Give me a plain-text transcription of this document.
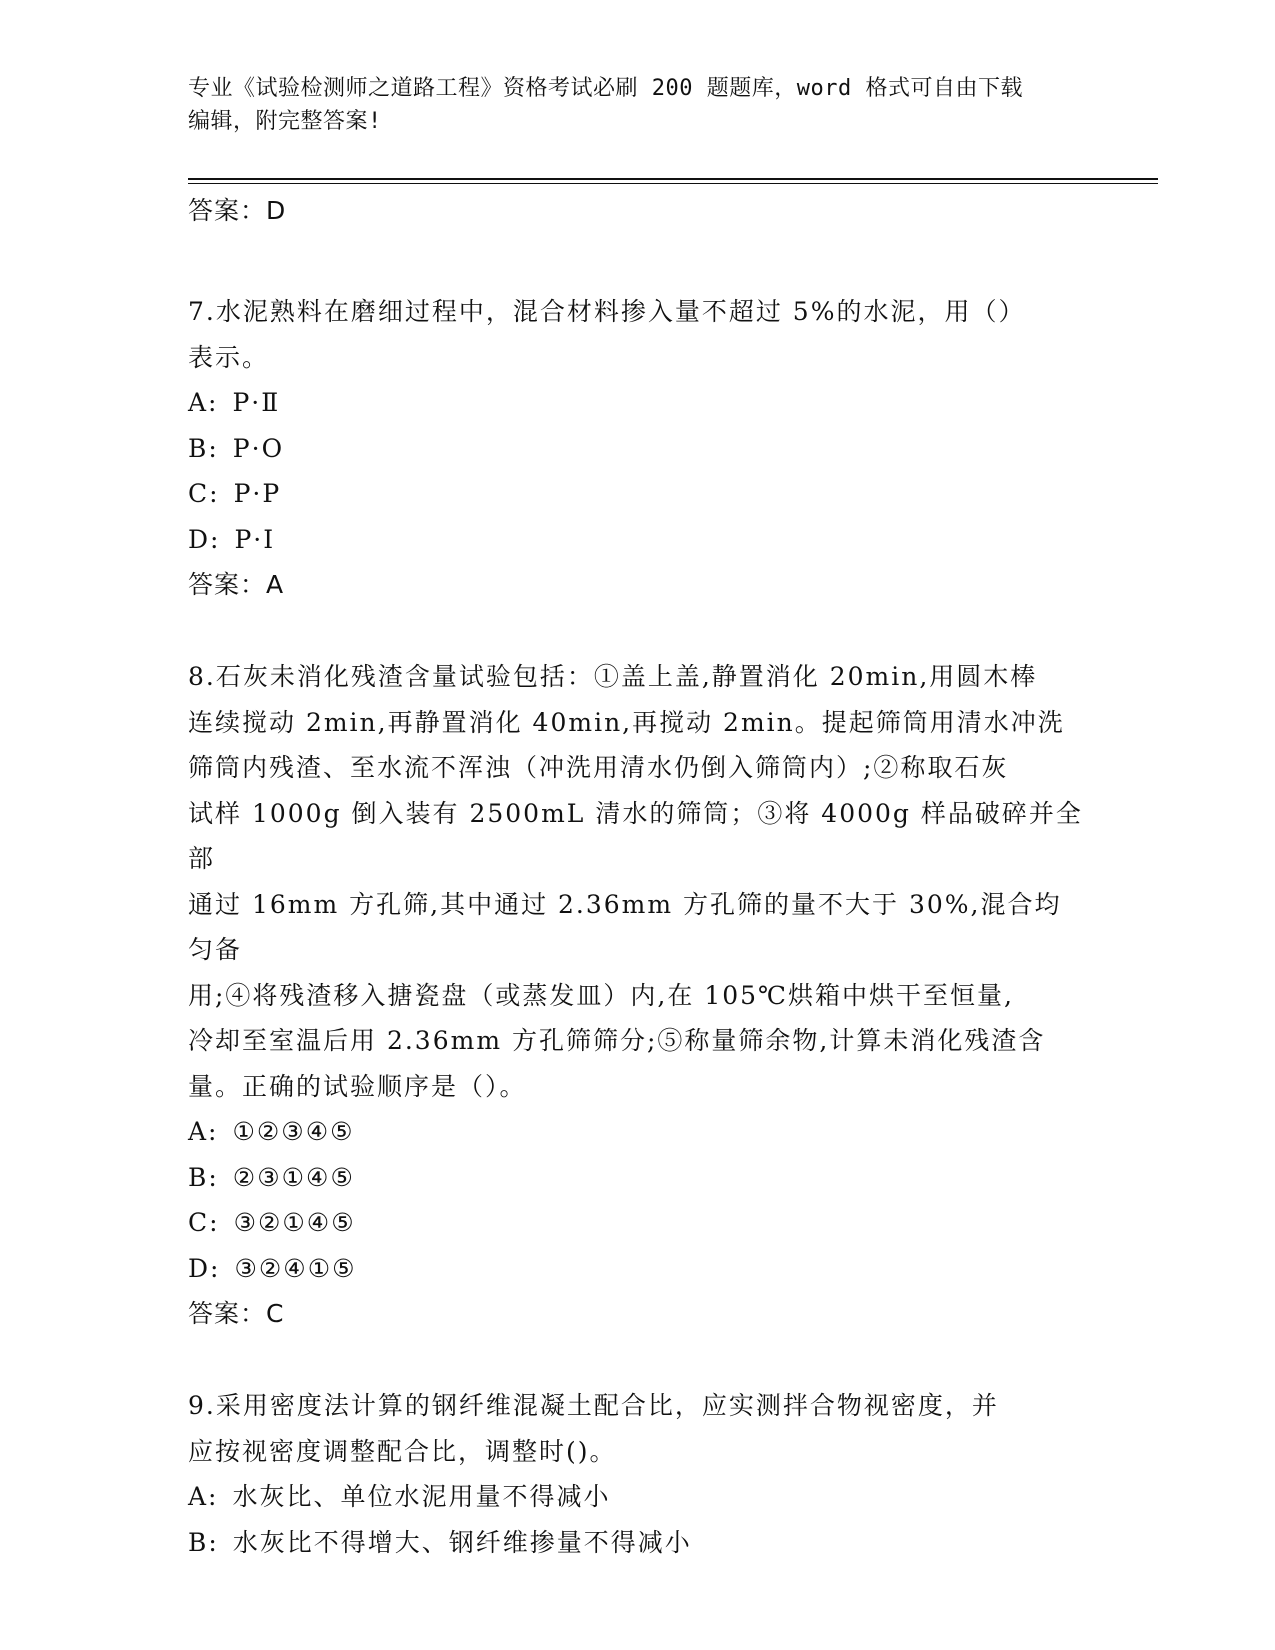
专业《试验检测师之道路工程》资格考试必刷 200 题题库，word 格式可自由下载
编辑，附完整答案!
答案：D
7.水泥熟料在磨细过程中，混合材料掺入量不超过 5%的水泥，用（）
表示。
A: P·Ⅱ
B: P·O
C: P·P
D: P·Ⅰ
答案：A
8.石灰未消化残渣含量试验包括：①盖上盖,静置消化 20min,用圆木棒
连续搅动 2min,再静置消化 40min,再搅动 2min。提起筛筒用清水冲洗
筛筒内残渣、至水流不浑浊（冲洗用清水仍倒入筛筒内）;②称取石灰
试样 1000g 倒入装有 2500mL 清水的筛筒；③将 4000g 样品破碎并全部
通过 16mm 方孔筛,其中通过 2.36mm 方孔筛的量不大于 30%,混合均匀备
用;④将残渣移入搪瓷盘（或蒸发皿）内,在 105℃烘箱中烘干至恒量,
冷却至室温后用 2.36mm 方孔筛筛分;⑤称量筛余物,计算未消化残渣含
量。正确的试验顺序是（）。
A: ①②③④⑤
B: ②③①④⑤
C: ③②①④⑤
D: ③②④①⑤
答案：C
9.采用密度法计算的钢纤维混凝土配合比，应实测拌合物视密度，并
应按视密度调整配合比，调整时()。
A: 水灰比、单位水泥用量不得减小
B: 水灰比不得增大、钢纤维掺量不得减小
